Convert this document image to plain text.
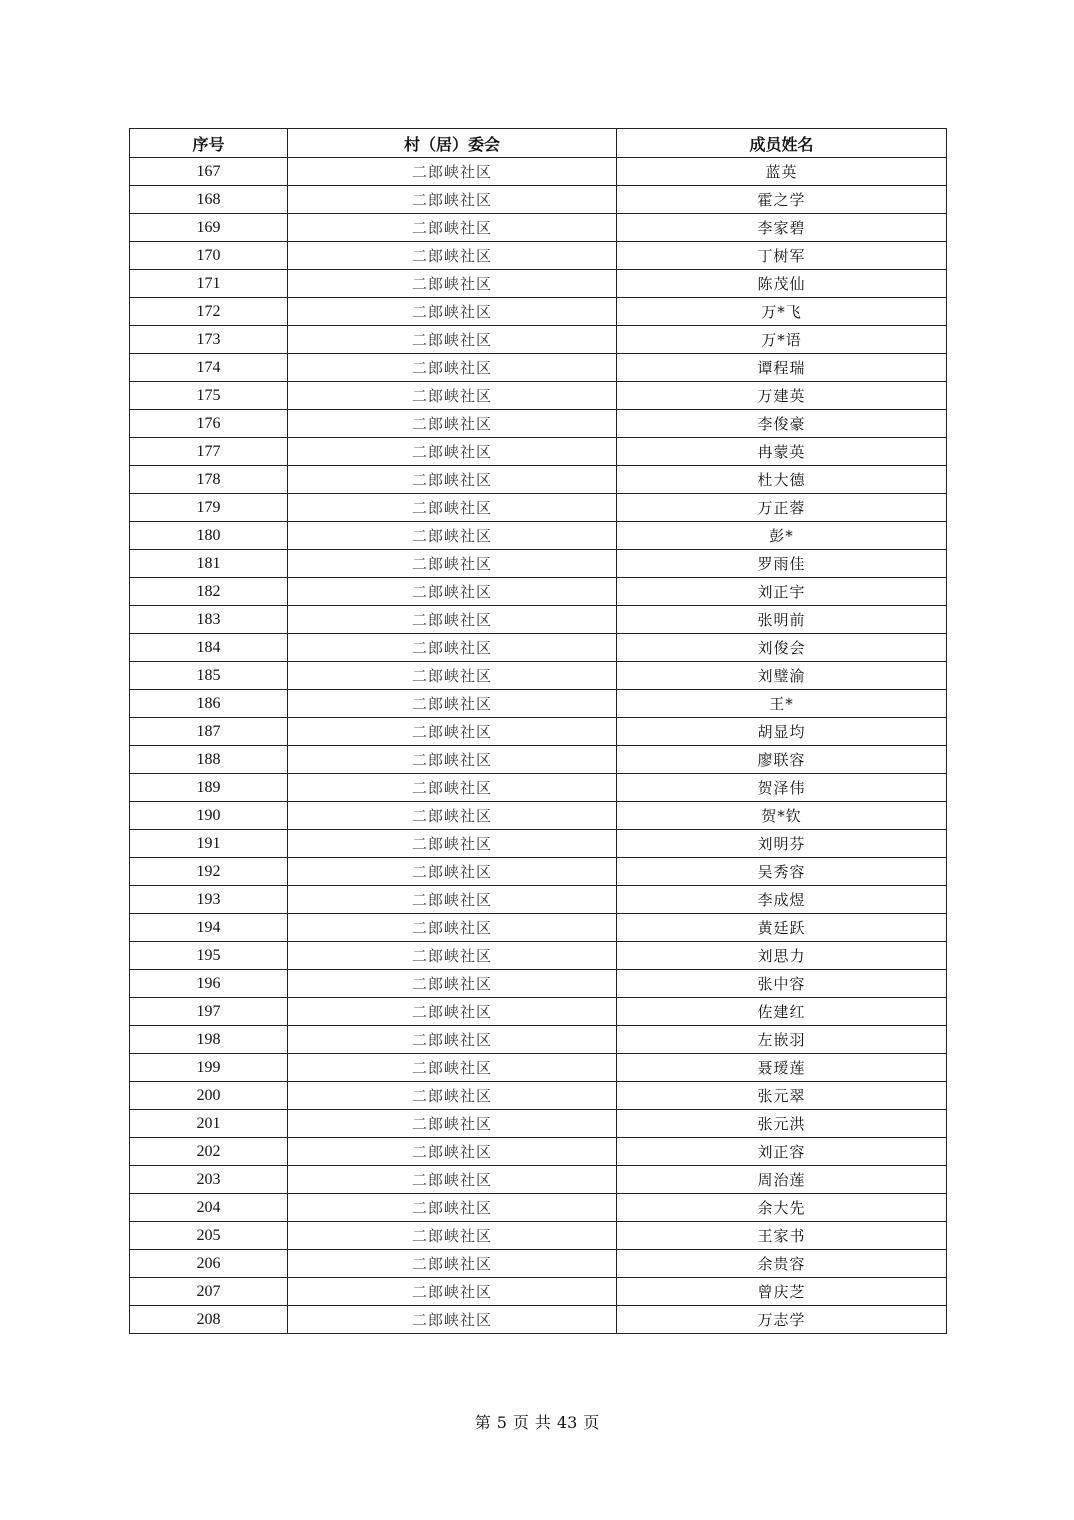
序号	村（居）委会	成员姓名
167	二郎峡社区	蓝英
168	二郎峡社区	霍之学
169	二郎峡社区	李家碧
170	二郎峡社区	丁树军
171	二郎峡社区	陈茂仙
172	二郎峡社区	万*飞
173	二郎峡社区	万*语
174	二郎峡社区	谭程瑞
175	二郎峡社区	万建英
176	二郎峡社区	李俊豪
177	二郎峡社区	冉蒙英
178	二郎峡社区	杜大德
179	二郎峡社区	万正蓉
180	二郎峡社区	彭*
181	二郎峡社区	罗雨佳
182	二郎峡社区	刘正宇
183	二郎峡社区	张明前
184	二郎峡社区	刘俊会
185	二郎峡社区	刘璧渝
186	二郎峡社区	王*
187	二郎峡社区	胡显均
188	二郎峡社区	廖联容
189	二郎峡社区	贺泽伟
190	二郎峡社区	贺*钦
191	二郎峡社区	刘明芬
192	二郎峡社区	吴秀容
193	二郎峡社区	李成煜
194	二郎峡社区	黄廷跃
195	二郎峡社区	刘思力
196	二郎峡社区	张中容
197	二郎峡社区	佐建红
198	二郎峡社区	左嵌羽
199	二郎峡社区	聂瑷莲
200	二郎峡社区	张元翠
201	二郎峡社区	张元洪
202	二郎峡社区	刘正容
203	二郎峡社区	周治莲
204	二郎峡社区	余大先
205	二郎峡社区	王家书
206	二郎峡社区	余贵容
207	二郎峡社区	曾庆芝
208	二郎峡社区	万志学
第 5 页 共 43 页
